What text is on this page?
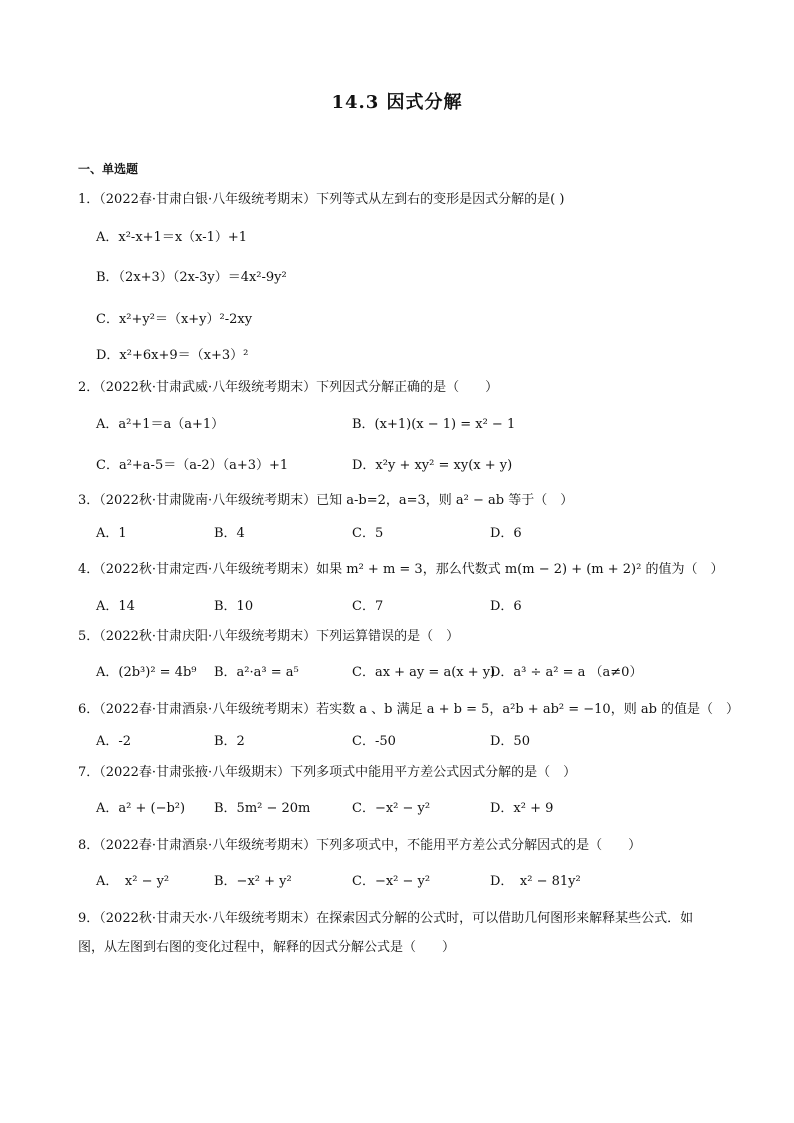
14.3 因式分解
一、单选题
1．（2022春·甘肃白银·八年级统考期末）下列等式从左到右的变形是因式分解的是( )
A．x²-x+1＝x（x-1）+1
B．（2x+3）（2x-3y）＝4x²-9y²
C．x²+y²＝（x+y）²-2xy
D．x²+6x+9＝（x+3）²
2．（2022秋·甘肃武威·八年级统考期末）下列因式分解正确的是（　　）
A．a²+1＝a（a+1）	B．(x+1)(x − 1) = x² − 1
C．a²+a-5＝（a-2）（a+3）+1	D．x²y + xy² = xy(x + y)
3．（2022秋·甘肃陇南·八年级统考期末）已知 a-b=2，a=3，则 a² − ab 等于（　）
A．1	B．4	C．5	D．6
4．（2022秋·甘肃定西·八年级统考期末）如果 m² + m = 3，那么代数式 m(m − 2) + (m + 2)² 的值为（　）
A．14	B．10	C．7	D．6
5．（2022秋·甘肃庆阳·八年级统考期末）下列运算错误的是（　）
A．(2b³)² = 4b⁹ B．a²·a³ = a⁵	C．ax + ay = a(x + y)
D．a³ ÷ a² = a （a≠0）
6．（2022春·甘肃酒泉·八年级统考期末）若实数 a 、b 满足 a + b = 5，a²b + ab² = −10，则 ab 的值是（　）
A．-2	B．2	C．-50	D．50
7．（2022春·甘肃张掖·八年级期末）下列多项式中能用平方差公式因式分解的是（　）
A．a² + (−b²) B．5m² − 20m	C．−x² − y²	D．x² + 9
8．（2022春·甘肃酒泉·八年级统考期末）下列多项式中，不能用平方差公式分解因式的是（　　）
A．　x² − y²	B．−x² + y²	C．−x² − y²	D．　x² − 81y²
9．（2022秋·甘肃天水·八年级统考期末）在探索因式分解的公式时，可以借助几何图形来解释某些公式．如
图，从左图到右图的变化过程中，解释的因式分解公式是（　　）
